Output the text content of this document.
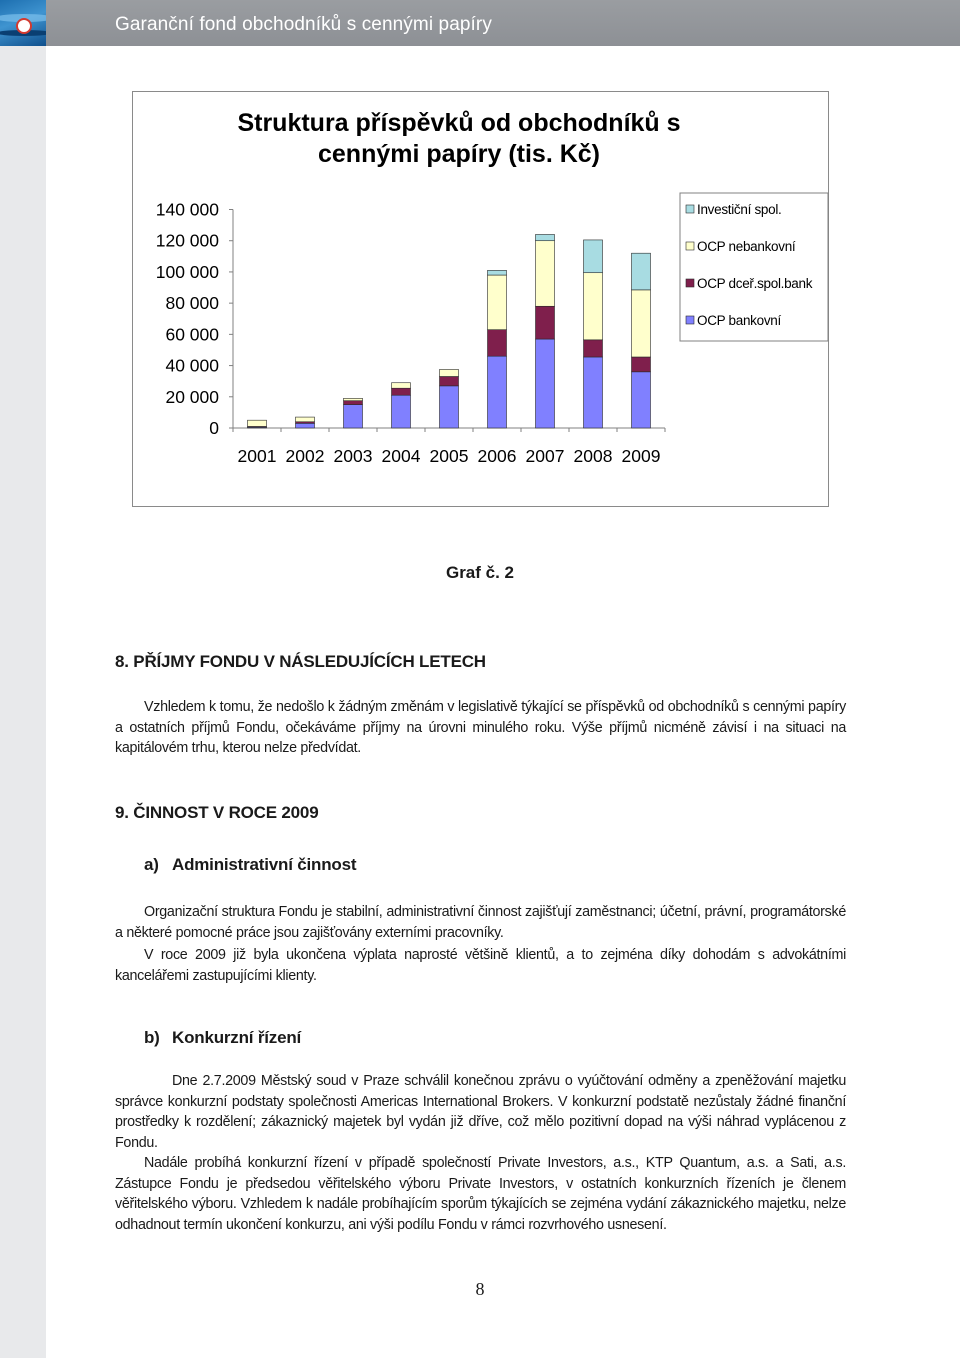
Garanční fond obchodníků s cennými papíry
Struktura příspěvků od obchodníků s
cennými papíry (tis. Kč)
0
20 000
40 000
60 000
80 000
100 000
120 000
140 000
2001 2002 2003 2004 2005 2006 2007 2008 2009
Investiční spol.
OCP nebankovní
OCP dceř.spol.bank
OCP bankovní
Graf č. 2
8. PŘÍJMY FONDU V NÁSLEDUJÍCÍCH LETECH

Vzhledem k tomu, že nedošlo k žádným změnám v legislativě týkající se příspěvků od obchodníků s cennými papíry a ostatních příjmů Fondu, očekáváme příjmy na úrovni minulého roku. Výše příjmů nicméně závisí i na situaci na kapitálovém trhu, kterou nelze předvídat.

9. ČINNOST V ROCE 2009
a) Administrativní činnost

Organizační struktura Fondu je stabilní, administrativní činnost zajišťují zaměstnanci; účetní, právní, programátorské a některé pomocné práce jsou zajišťovány externími pracovníky.

V roce 2009 již byla ukončena výplata naprosté většině klientů, a to zejména díky dohodám s advokátními kancelářemi zastupujícími klienty.

b) Konkurzní řízení

Dne 2.7.2009 Městský soud v Praze schválil konečnou zprávu o vyúčtování odměny a zpeněžování majetku správce konkurzní podstaty společnosti Americas International Brokers. V konkurzní podstatě nezůstaly žádné finanční prostředky k rozdělení; zákaznický majetek byl vydán již dříve, což mělo pozitivní dopad na výši náhrad vyplácenou z Fondu.

Nadále probíhá konkurzní řízení v případě společností Private Investors, a.s., KTP Quantum, a.s. a Sati, a.s. Zástupce Fondu je předsedou věřitelského výboru Private Investors, v ostatních konkurzních řízeních je členem věřitelského výboru. Vzhledem k nadále probíhajícím sporům týkajících se zejména vydání zákaznického majetku, nelze odhadnout termín ukončení konkurzu, ani výši podílu Fondu v rámci rozvrhového usnesení.

8
